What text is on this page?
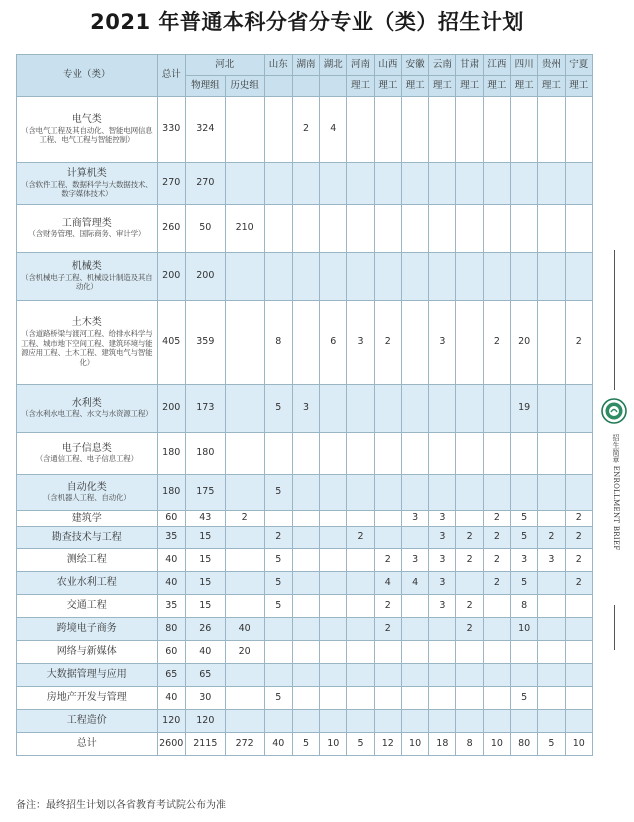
2021 年普通本科分省分专业（类）招生计划
专业（类）	总计	河北		山东	湖南	湖北	河南	山西	安徽	云南	甘肃	江西	四川	贵州	宁夏
		物理组	历史组				理工	理工	理工	理工	理工	理工	理工	理工	理工

电气类
（含电气工程及其自动化、智能电网信息工程、电气工程与智能控制）	330	324			2	4									

计算机类
（含软件工程、数据科学与大数据技术、数字媒体技术）	270	270													

工商管理类
（含财务管理、国际商务、审计学）	260	50	210												

机械类
（含机械电子工程、机械设计制造及其自动化）	200	200													

土木类
（含道路桥梁与渡河工程、给排水科学与工程、城市地下空间工程、建筑环境与能源应用工程、土木工程、建筑电气与智能化）	405	359		8		6	3	2		3		2	20		2

水利类
（含水利水电工程、水文与水资源工程）	200	173		5	3								19		

电子信息类
（含通信工程、电子信息工程）	180	180													

自动化类
（含机器人工程、自动化）	180	175		5											

建筑学	60	43	2						3	3		2	5		2

勘查技术与工程	35	15		2			2			3	2	2	5	2	2

测绘工程	40	15		5				2	3	3	2	2	3	3	2

农业水利工程	40	15		5				4	4	3		2	5		2

交通工程	35	15		5				2		3	2		8		

跨境电子商务	80	26	40					2			2		10		

网络与新媒体	60	40	20												

大数据管理与应用	65	65													

房地产开发与管理	40	30		5									5		

工程造价	120	120													

总计	2600	2115	272	40	5	10	5	12	10	18	8	10	80	5	10
招生简章 ENROLLMENT BRIEF
备注：最终招生计划以各省教育考试院公布为准
